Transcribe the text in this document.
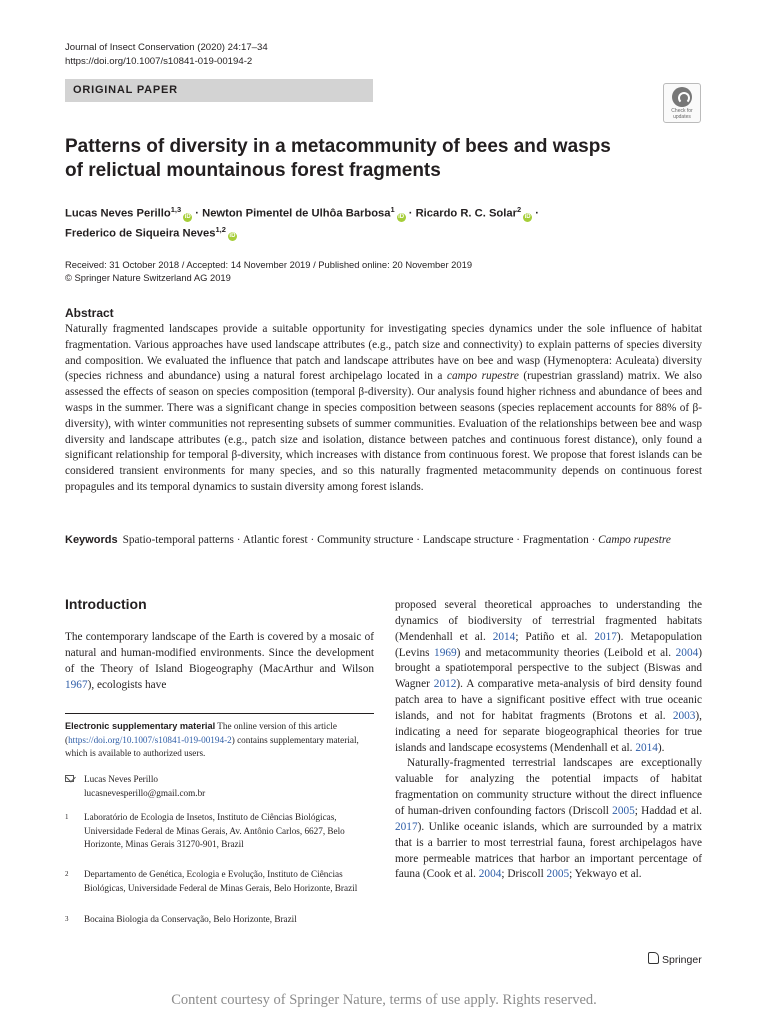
Journal of Insect Conservation (2020) 24:17–34
https://doi.org/10.1007/s10841-019-00194-2
ORIGINAL PAPER
Check for updates
Patterns of diversity in a metacommunity of bees and wasps of relictual mountainous forest fragments
Lucas Neves Perillo$^{1,3}$iD · Newton Pimentel de Ulhôa Barbosa$^1$iD · Ricardo R. C. Solar$^2$iD ·
Frederico de Siqueira Neves$^{1,2}$iD
Received: 31 October 2018 / Accepted: 14 November 2019 / Published online: 20 November 2019
© Springer Nature Switzerland AG 2019
Abstract
Naturally fragmented landscapes provide a suitable opportunity for investigating species dynamics under the sole influence of habitat fragmentation. Various approaches have used landscape attributes (e.g., patch size and connectivity) to explain patterns of species diversity and composition. We evaluated the influence that patch and landscape attributes have on bee and wasp (Hymenoptera: Aculeata) diversity (species richness and abundance) using a natural forest archipelago located in a campo rupestre (rupestrian grassland) matrix. We also assessed the effects of season on species composition (temporal β-diversity). Our analysis found higher richness and abundance of bees and wasps in the summer. There was a significant change in species composition between seasons (species replacement accounts for 88% of β-diversity), with winter communities not representing subsets of summer communities. Evaluation of the relationships between bee and wasp diversity and landscape attributes (e.g., patch size and isolation, distance between patches and continuous forest distance), only found a significant relationship for temporal β-diversity, which increases with distance from continuous forest. We propose that forest islands can be considered transient environments for many species, and so this naturally fragmented metacommunity depends on continuous forest propagules and its temporal dynamics to sustain diversity among forest islands.
Keywords Spatio-temporal patterns · Atlantic forest · Community structure · Landscape structure · Fragmentation · Campo rupestre
Introduction
The contemporary landscape of the Earth is covered by a mosaic of natural and human-modified environments. Since the development of the Theory of Island Biogeography (MacArthur and Wilson 1967), ecologists have
Electronic supplementary material The online version of this article (https://doi.org/10.1007/s10841-019-00194-2) contains supplementary material, which is available to authorized users.
Lucas Neves Perillo
lucasnevesperillo@gmail.com.br
1 Laboratório de Ecologia de Insetos, Instituto de Ciências Biológicas, Universidade Federal de Minas Gerais, Av. Antônio Carlos, 6627, Belo Horizonte, Minas Gerais 31270-901, Brazil
2 Departamento de Genética, Ecologia e Evolução, Instituto de Ciências Biológicas, Universidade Federal de Minas Gerais, Belo Horizonte, Brazil
3 Bocaina Biologia da Conservação, Belo Horizonte, Brazil

proposed several theoretical approaches to understanding the dynamics of biodiversity of terrestrial fragmented habitats (Mendenhall et al. 2014; Patiño et al. 2017). Metapopulation (Levins 1969) and metacommunity theories (Leibold et al. 2004) brought a spatiotemporal perspective to the subject (Biswas and Wagner 2012). A comparative meta-analysis of bird density found patch area to have a significant positive effect with true oceanic islands, and not for habitat fragments (Brotons et al. 2003), indicating a need for separate biogeographical theories for true islands and landscape ecosystems (Mendenhall et al. 2014).

Naturally-fragmented terrestrial landscapes are exceptionally valuable for analyzing the potential impacts of habitat fragmentation on community structure without the direct influence of human-driven confounding factors (Driscoll 2005; Haddad et al. 2017). Unlike oceanic islands, which are surrounded by a matrix that is a barrier to most terrestrial fauna, forest archipelagos have more permeable matrices that harbor an important percentage of fauna (Cook et al. 2004; Driscoll 2005; Yekwayo et al.

Springer
Content courtesy of Springer Nature, terms of use apply. Rights reserved.
